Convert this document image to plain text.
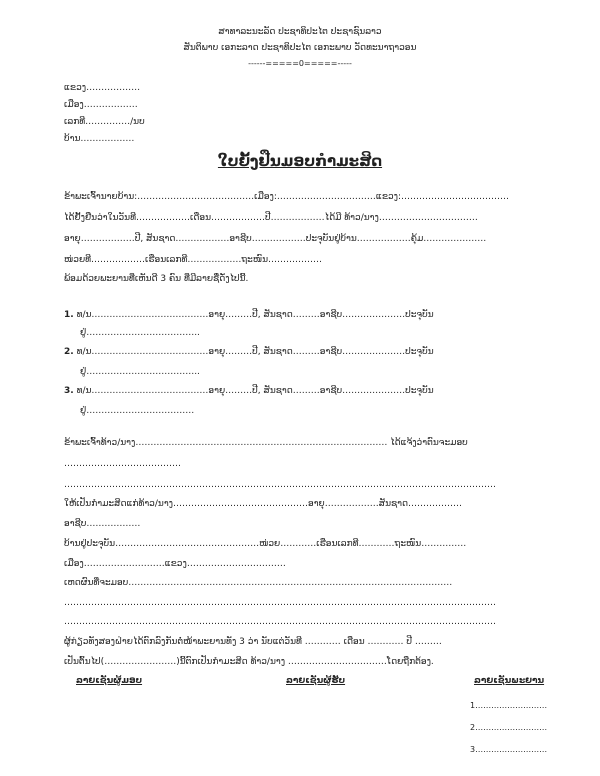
ສາທາລະນະລັດ ປະຊາທິປະໄຕ ປະຊາຊົນລາວ
ສັນຕິພາບ ເອກະລາດ ປະຊາທິປະໄຕ ເອກະພາບ ວັດທະນາຖາວອນ
------=====0=====-----
ແຂວງ………………
ເມືອງ………………
ເລກທີ……………/ນບ
ບ້ານ………………
ໃບຍັ້ງຢືນມອບກຳມະສິດ
ຂ້າພະເຈົ້ານາຍບ້ານ:…………………………………ເມືອງ:……………………………ແຂວງ:………………………………
ໄດ້ຢັ້ງຢືນວ່າໃນວັນທີ………………ເດືອນ………………ປີ………………ໄດ້ມີ ທ້າວ/ນາງ……………………………
ອາຍຸ………………ປີ, ສັນຊາດ………………ອາຊີບ………………ປະຈຸບັນຢູ່ບ້ານ………………ຄຸ້ມ…………………
ໜ່ວຍທີ………………ເຮືອນເລກທີ………………ຖະໜົນ………………
ພ້ອມດ້ວຍພະຍານທີ່ເຫັນດີ 3 ຄົນ ທີ່ມີລາຍຊື່ດັ່ງໄປນີ້.
1. ທ/ນ…………………………………ອາຍຸ………ປີ, ສັນຊາດ………ອາຊີບ…………………ປະຈຸບັນ
ຢູ່………………………………..
2. ທ/ນ…………………………………ອາຍຸ………ປີ, ສັນຊາດ………ອາຊີບ…………………ປະຈຸບັນ
ຢູ່………………………………..
3. ທ/ນ…………………………………ອາຍຸ………ປີ, ສັນຊາດ………ອາຊີບ…………………ປະຈຸບັນ
ຢູ່………………………………
ຂ້າພະເຈົ້າທ້າວ/ນາງ………………………………………………………………………… ໄດ້ແຈ້ງວ່າຕົນຈະມອບ
…………………………………
………………………………………………………………………………………………………………………………
ໃຫ້ເປັນກຳມະສິດແກ່ທ້າວ/ນາງ………………………………………ອາຍຸ………………ສັນຊາດ………………
ອາຊີບ………………
ບ້ານຢູ່ປະຈຸບັນ…………………………………………ໜ່ວຍ…………ເຮືອນເລກທີ…………ຖະໜົນ……………
ເມືອງ………………………ແຂວງ……………………………
ເຫດຜົນທີ່ຈະມອບ………………………………………………………………………………………………
………………………………………………………………………………………………………………………………
………………………………………………………………………………………………………………………………
ຜູ້ກ່ຽວທັງສອງຝ່າຍໄດ້ຕົກລົງກັນຕໍ່ໜ້າພະຍານທັງ 3 ວ່າ ນັບແຕ່ວັນທີ ………… ເດືອນ ………… ປີ ………
ເປັນຕົ້ນໄປ(……………………)ນີ້ຕົກເປັນກຳມະສິດ ທ້າວ/ນາງ ……………………………ໂດຍຖືກຕ້ອງ.
ລາຍເຊັນຜູ້ມອບ	ລາຍເຊັນຜູ້ຮັບ	ລາຍເຊັນພະຍານ
1………………………
2………………………
3………………………
